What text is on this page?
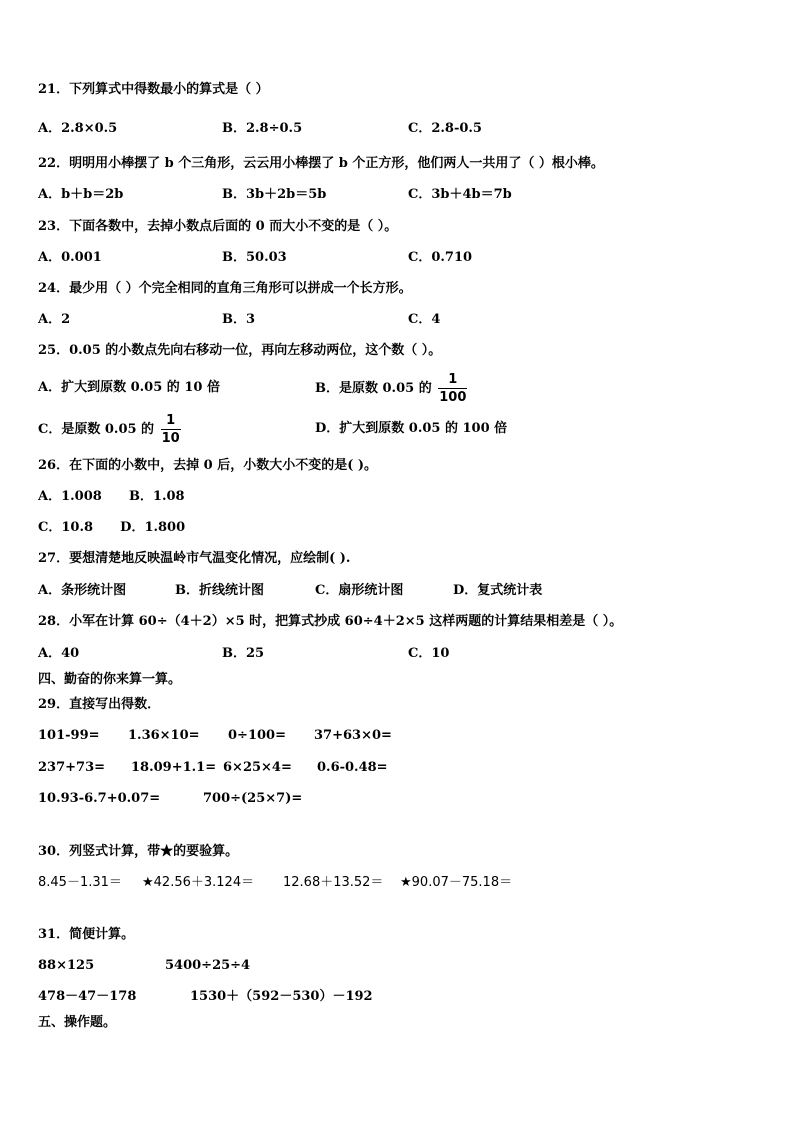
21．下列算式中得数最小的算式是（ ）
A．2.8×0.5	B．2.8÷0.5	C．2.8-0.5
22．明明用小棒摆了 b 个三角形，云云用小棒摆了 b 个正方形，他们两人一共用了（ ）根小棒。
A．b＋b＝2b	B．3b＋2b＝5b	C．3b＋4b＝7b
23．下面各数中，去掉小数点后面的 0 而大小不变的是（ ）。
A．0.001	B．50.03	C．0.710
24．最少用（ ）个完全相同的直角三角形可以拼成一个长方形。
A．2	B．3	C．4
25．0.05 的小数点先向右移动一位，再向左移动两位，这个数（ ）。
A．扩大到原数 0.05 的 10 倍	B．是原数 0.05 的 $\frac{1}{100}$
C．是原数 0.05 的 $\frac{1}{10}$	D．扩大到原数 0.05 的 100 倍
26．在下面的小数中，去掉 0 后，小数大小不变的是( )。
A．1.008      B．1.08
C．10.8      D．1.800
27．要想清楚地反映温岭市气温变化情况，应绘制( ).
A．条形统计图	B．折线统计图	C．扇形统计图	D．复式统计表
28．小军在计算 60÷（4＋2）×5 时，把算式抄成 60÷4＋2×5 这样两题的计算结果相差是（ ）。
A．40	B．25	C．10
四、勤奋的你来算一算。
29．直接写出得数．
101-99= 1.36×10= 0÷100= 37+63×0=
237+73= 18.09+1.1= 6×25×4= 0.6-0.48=
10.93-6.7+0.07=	700÷(25×7)=
30．列竖式计算，带★的要验算。
8.45－1.31＝ ★42.56＋3.124＝ 12.68＋13.52＝ ★90.07－75.18＝
31．简便计算。
88×125	5400÷25÷4
478－47－178	1530＋（592－530）－192
五、操作题。
